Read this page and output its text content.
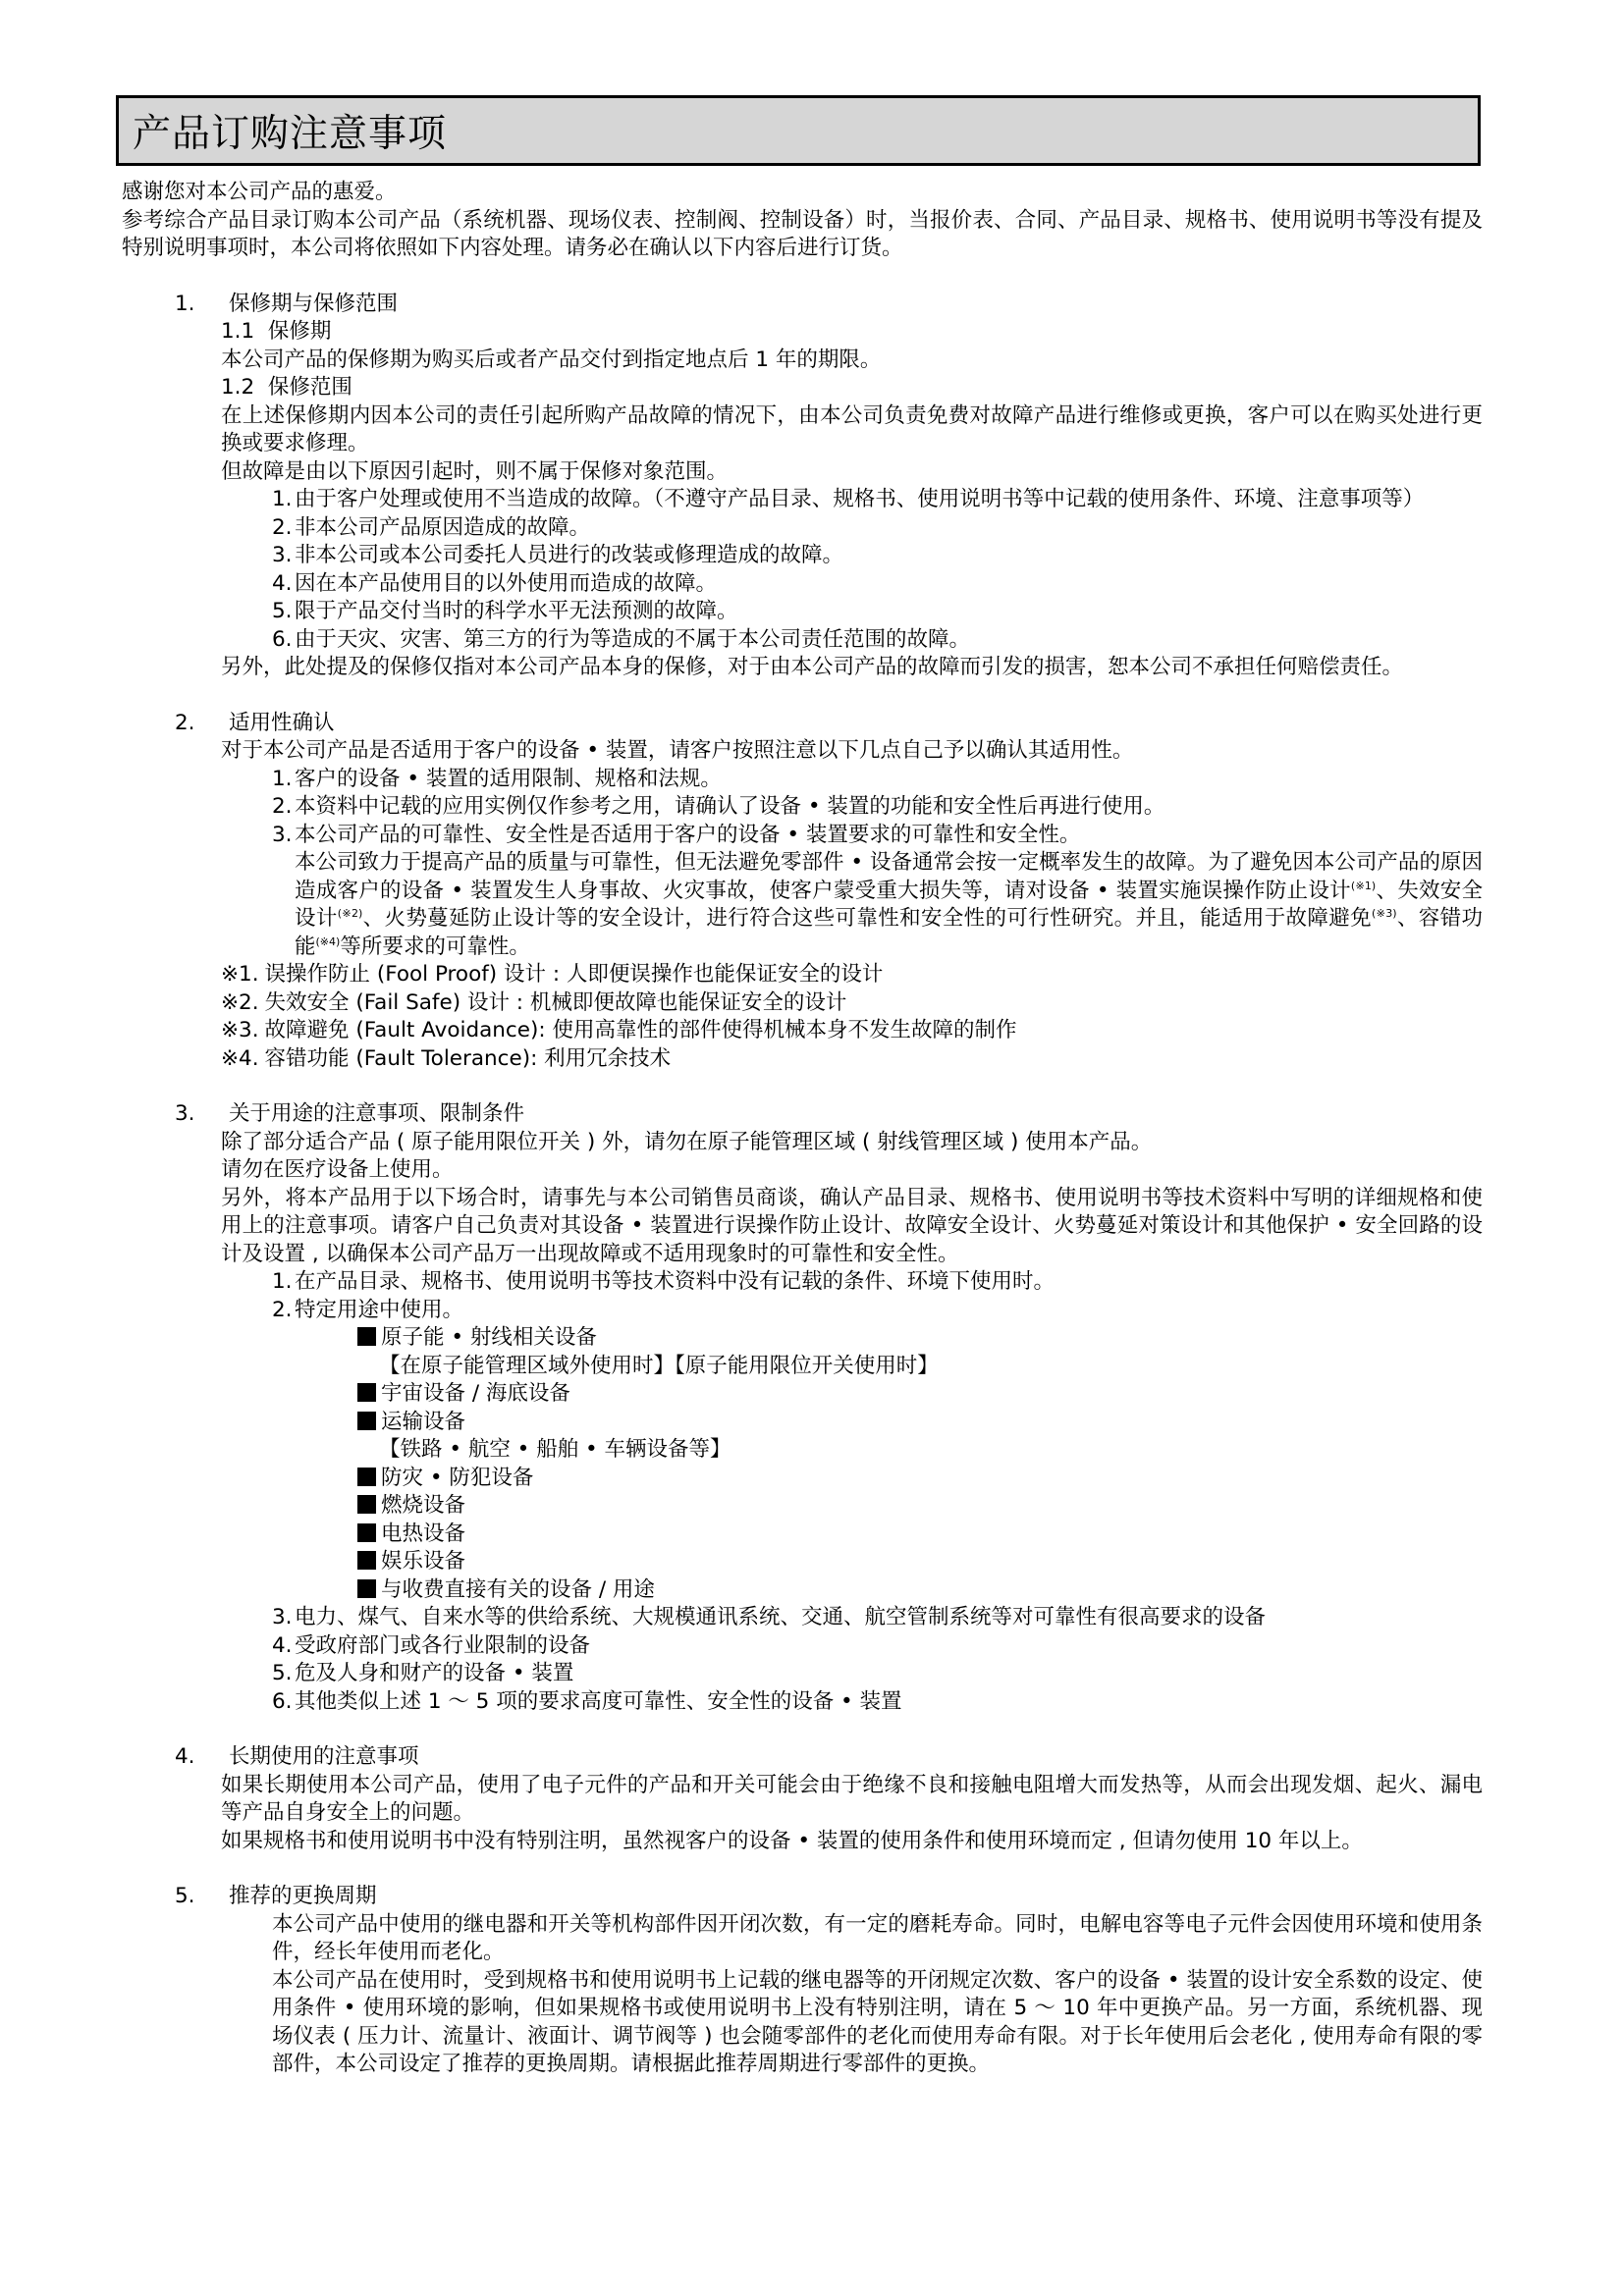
产品订购注意事项

感谢您对本公司产品的惠爱。

参考综合产品目录订购本公司产品（系统机器、现场仪表、控制阀、控制设备）时，当报价表、合同、产品目录、规格书、使用说明书等没有提及特别说明事项时，本公司将依照如下内容处理。请务必在确认以下内容后进行订货。

1.	保修期与保修范围

1.1  保修期

本公司产品的保修期为购买后或者产品交付到指定地点后 1 年的期限。

1.2  保修范围

在上述保修期内因本公司的责任引起所购产品故障的情况下，由本公司负责免费对故障产品进行维修或更换，客户可以在购买处进行更换或要求修理。

但故障是由以下原因引起时，则不属于保修对象范围。

1. 由于客户处理或使用不当造成的故障。（不遵守产品目录、规格书、使用说明书等中记载的使用条件、环境、注意事项等）
2. 非本公司产品原因造成的故障。
3. 非本公司或本公司委托人员进行的改装或修理造成的故障。
4. 因在本产品使用目的以外使用而造成的故障。
5. 限于产品交付当时的科学水平无法预测的故障。
6. 由于天灾、灾害、第三方的行为等造成的不属于本公司责任范围的故障。

另外，此处提及的保修仅指对本公司产品本身的保修，对于由本公司产品的故障而引发的损害，恕本公司不承担任何赔偿责任。

2.	适用性确认

对于本公司产品是否适用于客户的设备 • 装置，请客户按照注意以下几点自己予以确认其适用性。

1. 客户的设备 • 装置的适用限制、规格和法规。
2. 本资料中记载的应用实例仅作参考之用，请确认了设备 • 装置的功能和安全性后再进行使用。
3. 本公司产品的可靠性、安全性是否适用于客户的设备 • 装置要求的可靠性和安全性。

本公司致力于提高产品的质量与可靠性，但无法避免零部件 • 设备通常会按一定概率发生的故障。为了避免因本公司产品的原因造成客户的设备 • 装置发生人身事故、火灾事故，使客户蒙受重大损失等，请对设备 • 装置实施误操作防止设计$^{(※1)}$、失效安全设计$^{(※2)}$、火势蔓延防止设计等的安全设计，进行符合这些可靠性和安全性的可行性研究。并且，能适用于故障避免$^{(※3)}$、容错功能$^{(※4)}$等所要求的可靠性。

※1. 误操作防止 (Fool Proof) 设计 : 人即便误操作也能保证安全的设计
※2. 失效安全 (Fail Safe) 设计 : 机械即便故障也能保证安全的设计
※3. 故障避免 (Fault Avoidance): 使用高靠性的部件使得机械本身不发生故障的制作
※4. 容错功能 (Fault Tolerance): 利用冗余技术
3.	关于用途的注意事项、限制条件

除了部分适合产品 ( 原子能用限位开关 ) 外，请勿在原子能管理区域 ( 射线管理区域 ) 使用本产品。

请勿在医疗设备上使用。

另外，将本产品用于以下场合时，请事先与本公司销售员商谈，确认产品目录、规格书、使用说明书等技术资料中写明的详细规格和使用上的注意事项。请客户自己负责对其设备 • 装置进行误操作防止设计、故障安全设计、火势蔓延对策设计和其他保护 • 安全回路的设计及设置 , 以确保本公司产品万一出现故障或不适用现象时的可靠性和安全性。

1. 在产品目录、规格书、使用说明书等技术资料中没有记载的条件、环境下使用时。
2. 特定用途中使用。

原子能 • 射线相关设备

【在原子能管理区域外使用时】【原子能用限位开关使用时】

宇宙设备 / 海底设备

运输设备

【铁路 • 航空 • 船舶 • 车辆设备等】

防灾 • 防犯设备

燃烧设备

电热设备

娱乐设备

与收费直接有关的设备 / 用途

3. 电力、煤气、自来水等的供给系统、大规模通讯系统、交通、航空管制系统等对可靠性有很高要求的设备
4. 受政府部门或各行业限制的设备
5. 危及人身和财产的设备 • 装置
6. 其他类似上述 1 ～ 5 项的要求高度可靠性、安全性的设备 • 装置
4.	长期使用的注意事项

如果长期使用本公司产品，使用了电子元件的产品和开关可能会由于绝缘不良和接触电阻增大而发热等，从而会出现发烟、起火、漏电等产品自身安全上的问题。

如果规格书和使用说明书中没有特别注明，虽然视客户的设备 • 装置的使用条件和使用环境而定 , 但请勿使用 10 年以上。

5.	推荐的更换周期

本公司产品中使用的继电器和开关等机构部件因开闭次数，有一定的磨耗寿命。同时，电解电容等电子元件会因使用环境和使用条件，经长年使用而老化。

本公司产品在使用时，受到规格书和使用说明书上记载的继电器等的开闭规定次数、客户的设备 • 装置的设计安全系数的设定、使用条件 • 使用环境的影响，但如果规格书或使用说明书上没有特别注明，请在 5 ～ 10 年中更换产品。另一方面，系统机器、现场仪表 ( 压力计、流量计、液面计、调节阀等 ) 也会随零部件的老化而使用寿命有限。对于长年使用后会老化 , 使用寿命有限的零部件，本公司设定了推荐的更换周期。请根据此推荐周期进行零部件的更换。
